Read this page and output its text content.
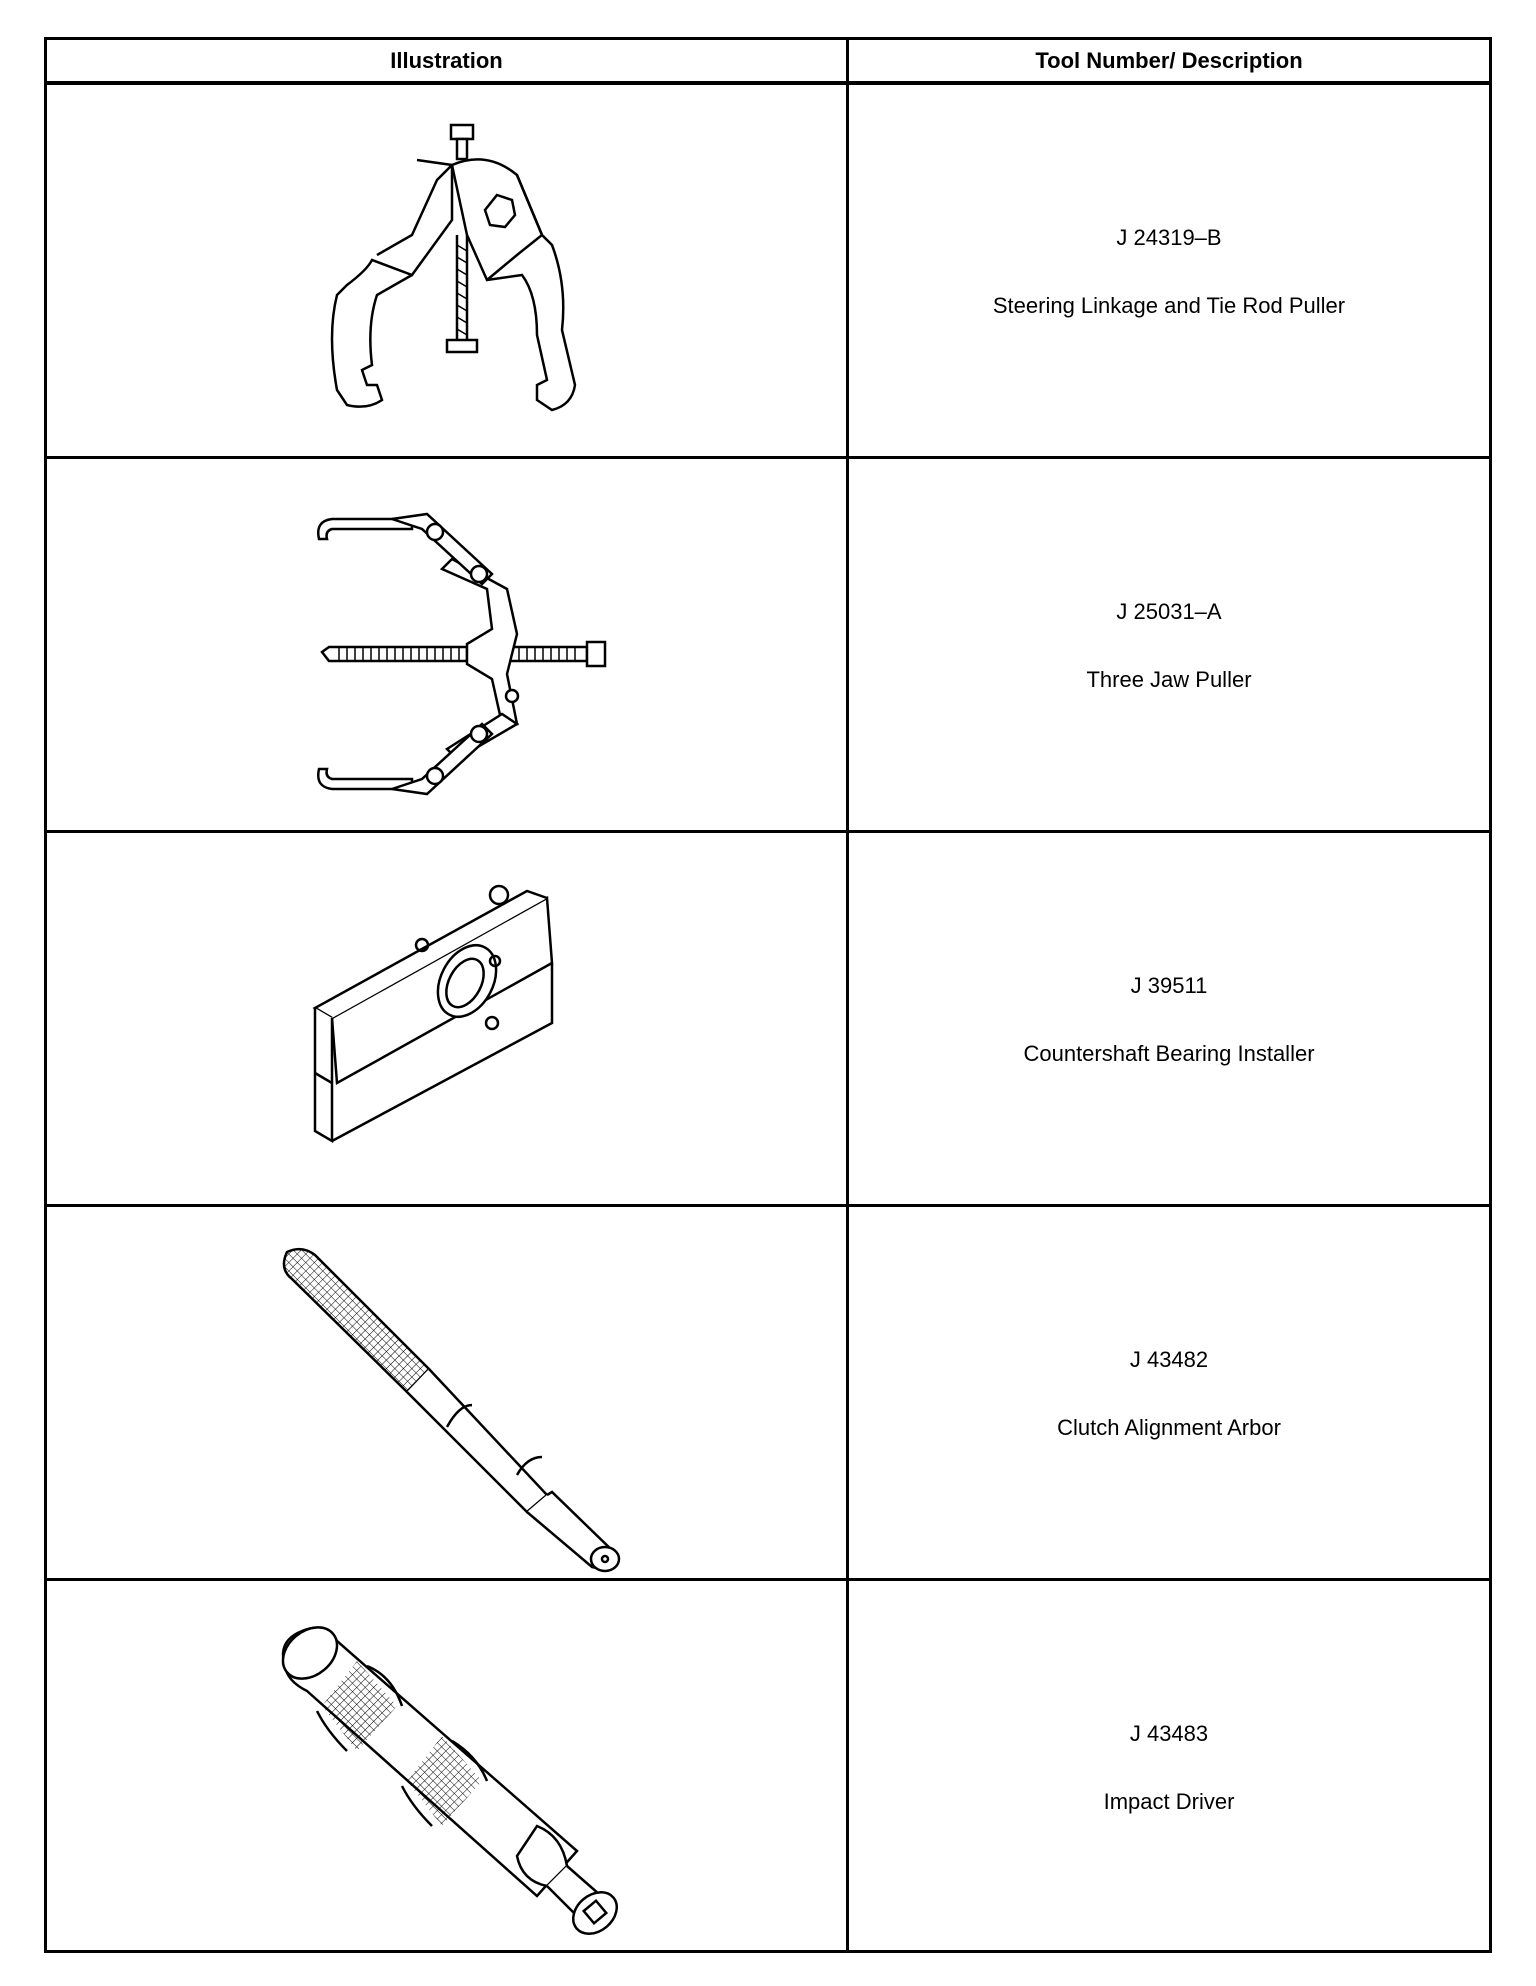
Illustration	Tool Number/ Description
J 24319–B
Steering Linkage and Tie Rod Puller
J 25031–A
Three Jaw Puller
J 39511
Countershaft Bearing Installer
J 43482
Clutch Alignment Arbor
J 43483
Impact Driver
